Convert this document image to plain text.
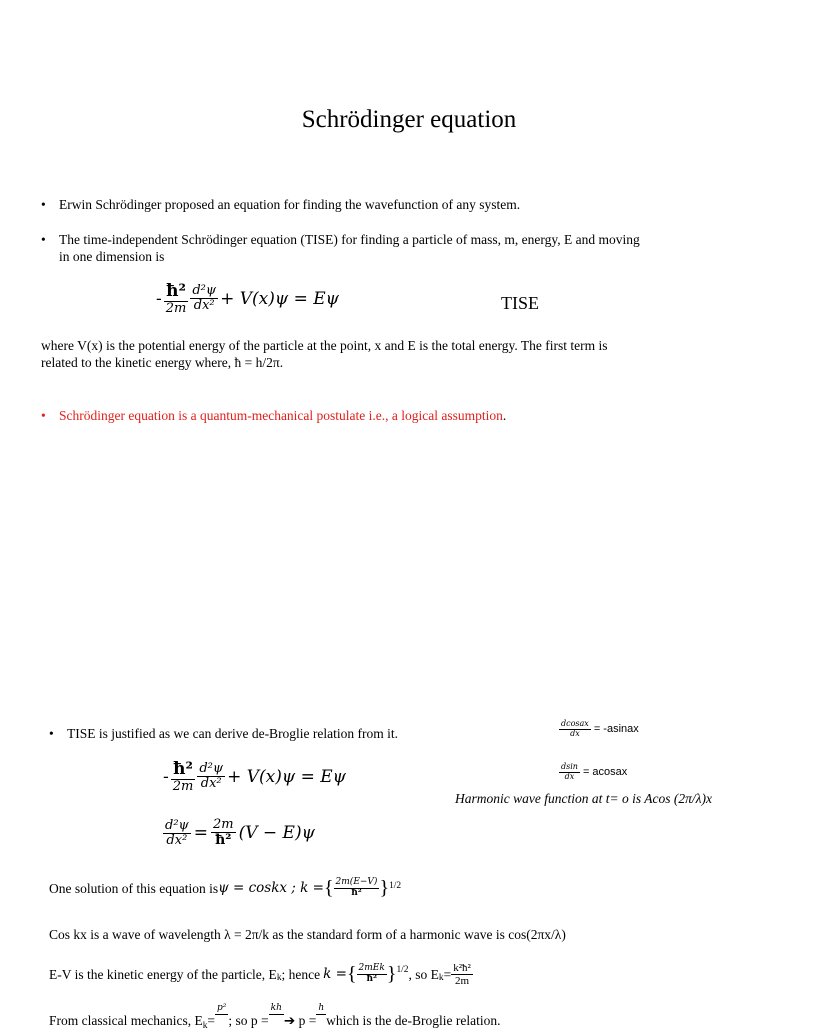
Schrödinger equation
• Erwin Schrödinger proposed an equation for finding the wavefunction of any system.
• The time-independent Schrödinger equation (TISE) for finding a particle of mass, m, energy, E and moving
in one dimension is
- $\frac{\text{ħ²}}{2m} \frac{\text{d²ψ}}{\text{dx²}} + V(x)\psi = E\psi$	TISE
where V(x) is the potential energy of the particle at the point, x and E is the total energy. The first term is
related to the kinetic energy where, ħ = h/2π.
• Schrödinger equation is a quantum-mechanical postulate i.e., a logical assumption.
• TISE is justified as we can derive de-Broglie relation from it.	$\frac{\text{dcosax}}{dx}$ = -asinax
$\frac{dsin}{dx}$ = acosax
Harmonic wave function at t= o is Acos (2π/λ)x
- $\frac{\text{ħ²}}{2m} \frac{\text{d²ψ}}{\text{dx²}} + V(x)\psi = E\psi$
$\frac{\text{d²ψ}}{\text{dx²}} = \frac{2m}{\text{ħ²}} (V - E)\psi$
One solution of this equation is ψ = coskx ; k = { $\frac{2m(E-V)}{\text{ħ²}}$ } 1/2
Cos kx is a wave of wavelength λ = 2π/k as the standard form of a harmonic wave is cos(2πx/λ)
E-V is the kinetic energy of the particle, $E_k$ ; hence k = { $\frac{\text{2mEk}}{\text{ħ²}} \}^{1/2}$ , so $E_k = \frac{\text{k²ħ²}}{2m}$
From classical mechanics, $E_k$ =
p²
; so p =
kh
➔ p =
h
which is the de-Broglie relation.
